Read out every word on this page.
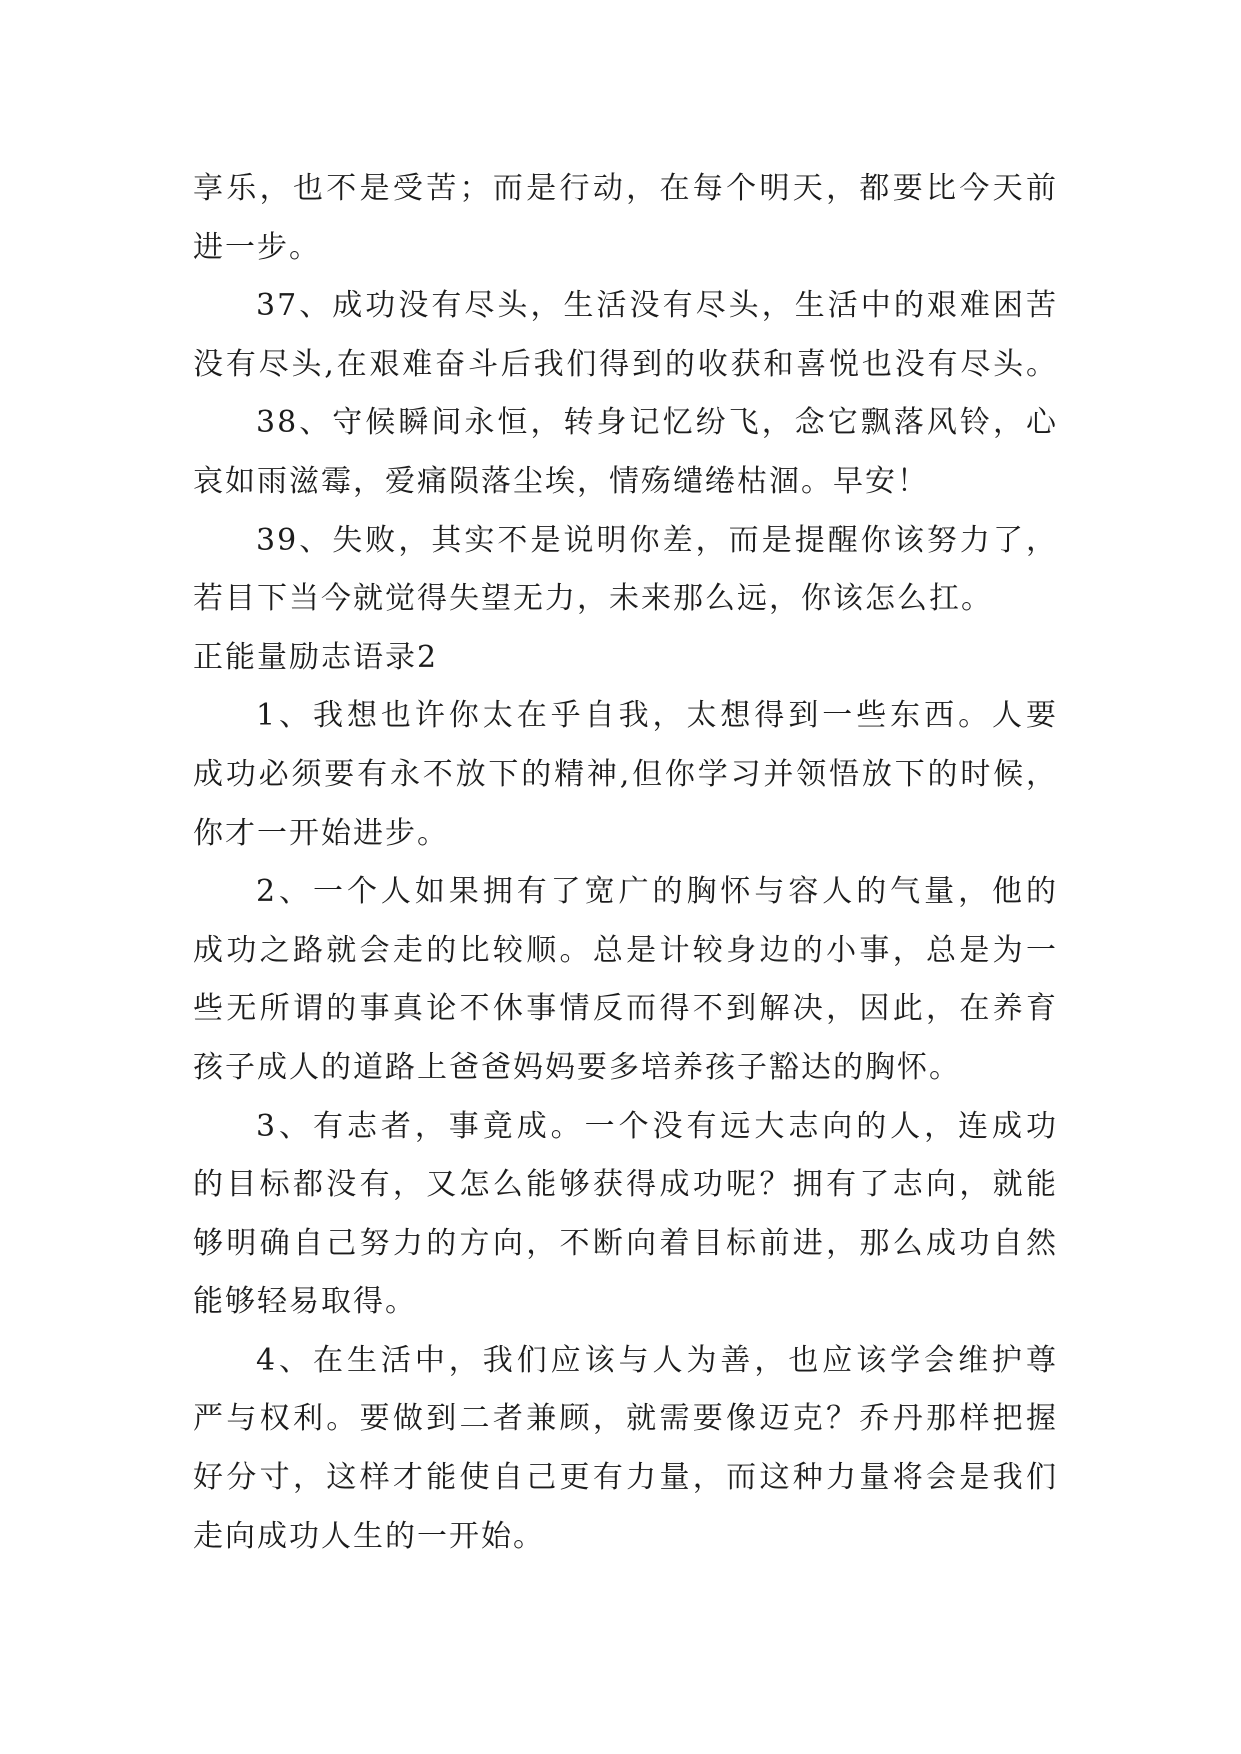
享乐，也不是受苦；而是行动，在每个明天，都要比今天前
进一步。
37、成功没有尽头，生活没有尽头，生活中的艰难困苦
没有尽头,在艰难奋斗后我们得到的收获和喜悦也没有尽头。
38、守候瞬间永恒，转身记忆纷飞，念它飘落风铃，心
哀如雨滋霉，爱痛陨落尘埃，情殇缱绻枯涸。早安！
39、失败，其实不是说明你差，而是提醒你该努力了，
若目下当今就觉得失望无力，未来那么远，你该怎么扛。
正能量励志语录2
1、我想也许你太在乎自我，太想得到一些东西。人要
成功必须要有永不放下的精神,但你学习并领悟放下的时候，
你才一开始进步。
2、一个人如果拥有了宽广的胸怀与容人的气量，他的
成功之路就会走的比较顺。总是计较身边的小事，总是为一
些无所谓的事真论不休事情反而得不到解决，因此，在养育
孩子成人的道路上爸爸妈妈要多培养孩子豁达的胸怀。
3、有志者，事竟成。一个没有远大志向的人，连成功
的目标都没有，又怎么能够获得成功呢？拥有了志向，就能
够明确自己努力的方向，不断向着目标前进，那么成功自然
能够轻易取得。
4、在生活中，我们应该与人为善，也应该学会维护尊
严与权利。要做到二者兼顾，就需要像迈克？乔丹那样把握
好分寸，这样才能使自己更有力量，而这种力量将会是我们
走向成功人生的一开始。
